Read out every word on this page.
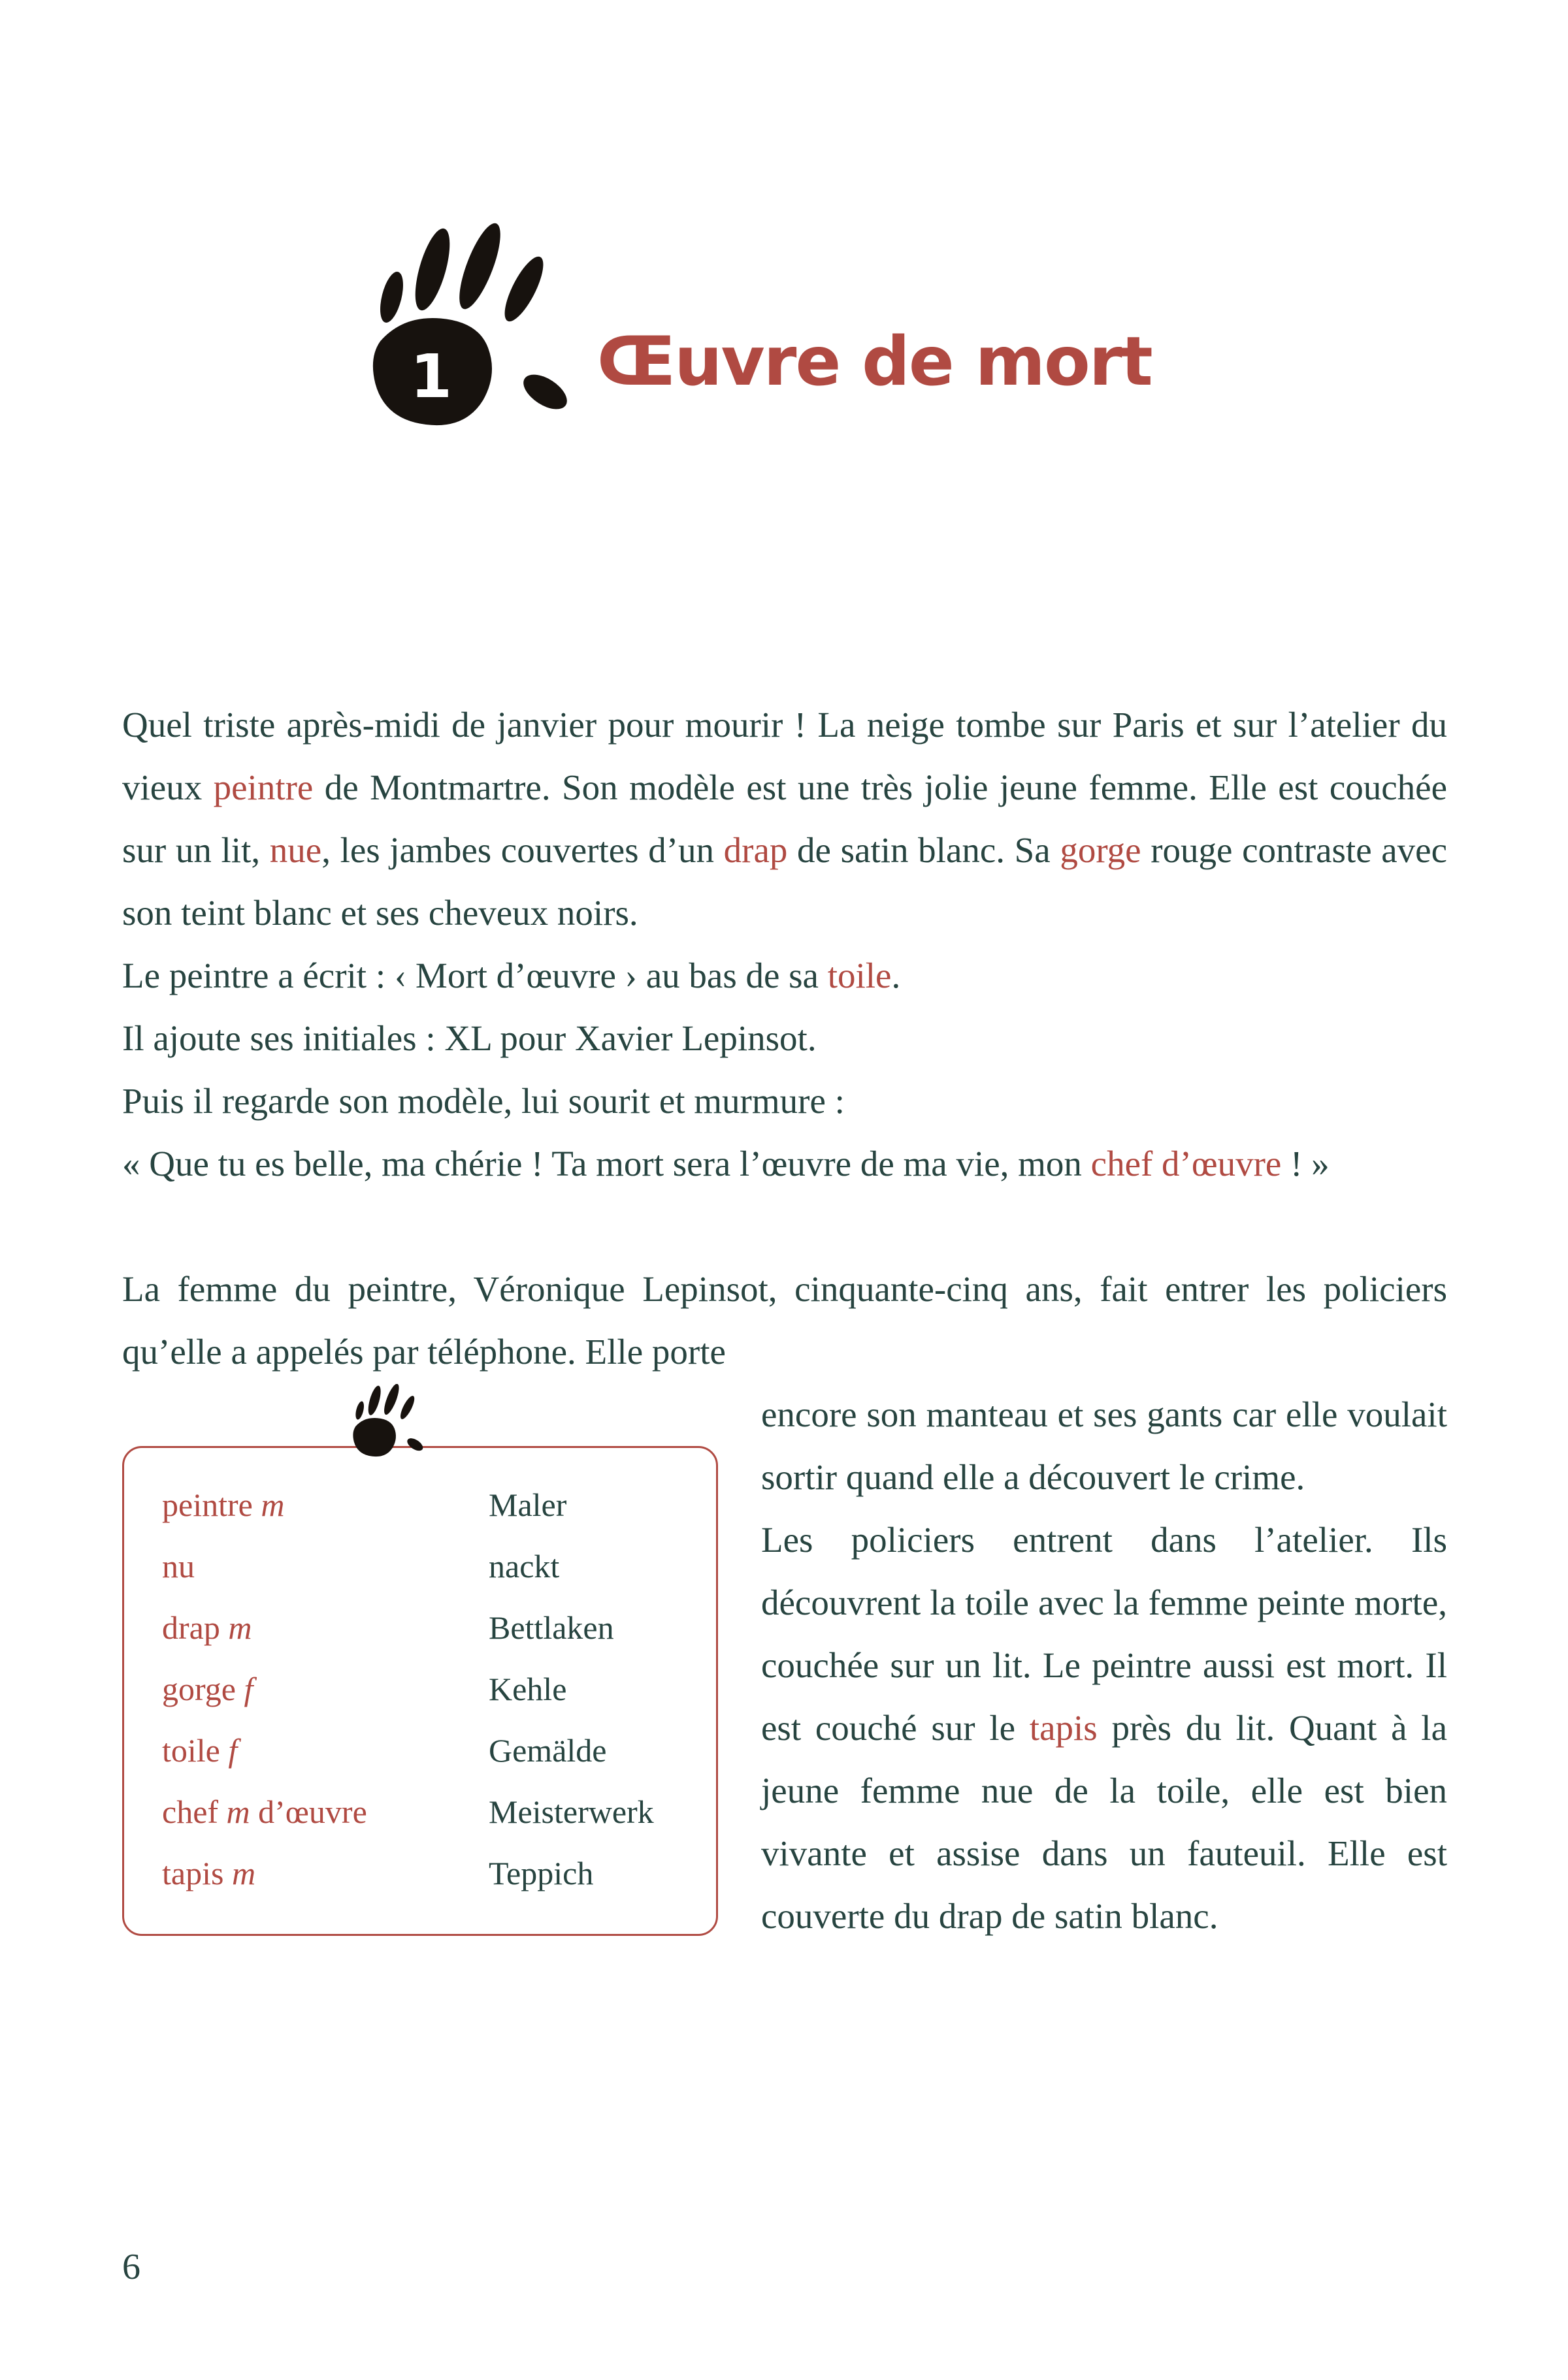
1 Œuvre de mort

Quel triste après-midi de janvier pour mourir ! La neige tombe sur Paris et sur l’atelier du vieux peintre de Montmartre. Son modèle est une très jolie jeune femme. Elle est couchée sur un lit, nue, les jambes couvertes d’un drap de satin blanc. Sa gorge rouge contraste avec son teint blanc et ses cheveux noirs.

Le peintre a écrit : ‹ Mort d’œuvre › au bas de sa toile.

Il ajoute ses initiales : XL pour Xavier Lepinsot.

Puis il regarde son modèle, lui sourit et murmure :

« Que tu es belle, ma chérie ! Ta mort sera l’œuvre de ma vie, mon chef d’œuvre ! »

La femme du peintre, Véronique Lepinsot, cinquante-cinq ans, fait entrer les policiers qu’elle a appelés par téléphone. Elle porte

peintre m	Maler
nu	nackt
drap m	Bettlaken
gorge f	Kehle
toile f	Gemälde
chef m d’œuvre	Meisterwerk
tapis m	Teppich

encore son manteau et ses gants car elle voulait sortir quand elle a découvert le crime.

Les policiers entrent dans l’atelier. Ils découvrent la toile avec la femme peinte morte, couchée sur un lit. Le peintre aussi est mort. Il est couché sur le tapis près du lit. Quant à la jeune femme nue de la toile, elle est bien vivante et assise dans un fauteuil. Elle est couverte du drap de satin blanc.

6
